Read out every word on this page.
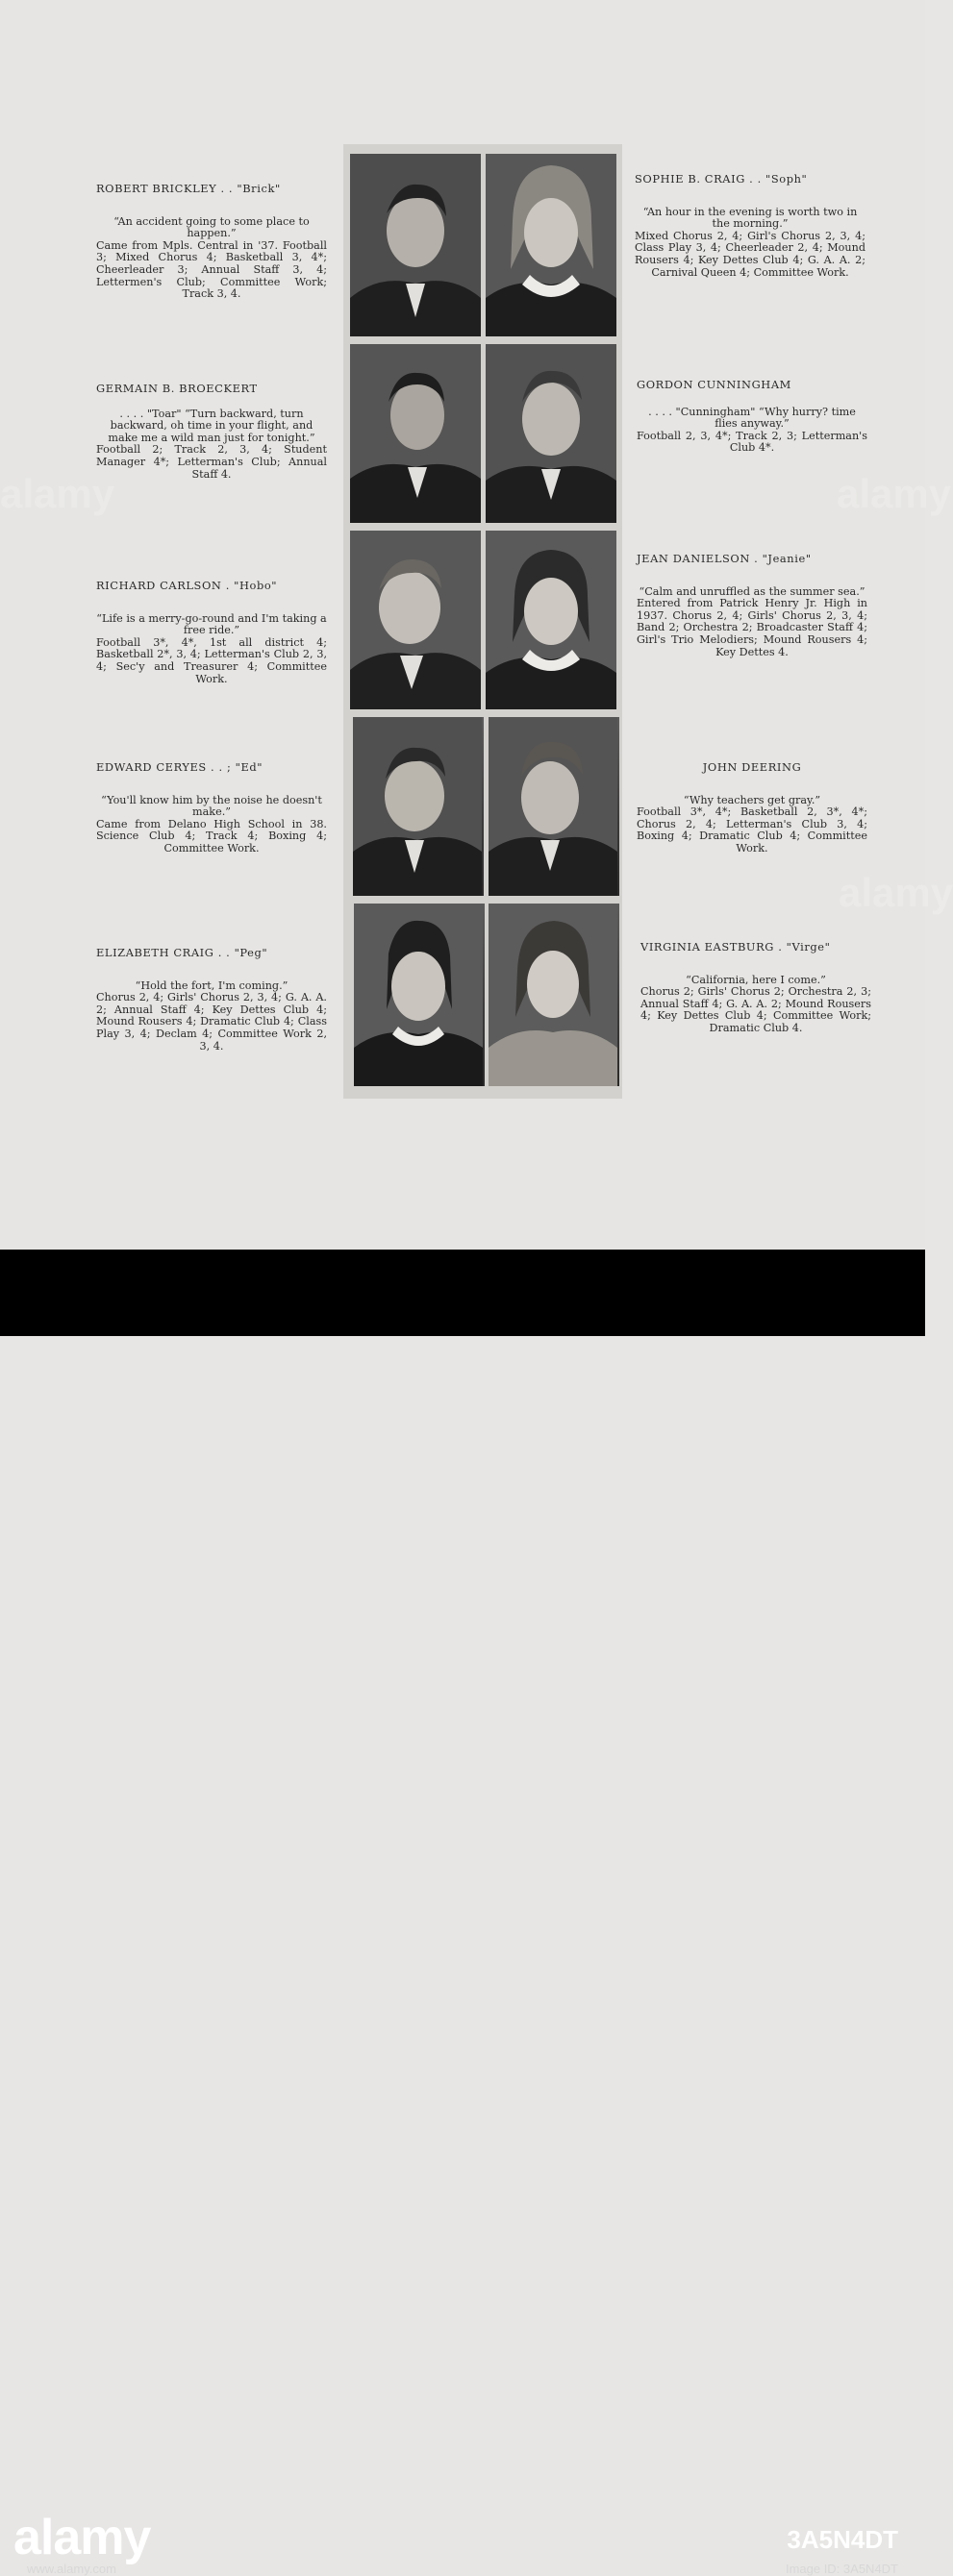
alamy	alamy
alamy
ROBERT BRICKLEY . . "Brick"
“An accident going to some place to happen.”
Came from Mpls. Central in '37. Football 3; Mixed Chorus 4; Basketball 3, 4*; Cheerleader 3; Annual Staff 3, 4; Lettermen's Club; Committee Work; Track 3, 4.
GERMAIN B. BROECKERT
. . . . "Toar" “Turn backward, turn backward, oh time in your flight, and make me a wild man just for tonight.”
Football 2; Track 2, 3, 4; Student Manager 4*; Letterman's Club; Annual Staff 4.
RICHARD CARLSON . "Hobo"
“Life is a merry-go-round and I'm taking a free ride.”
Football 3*, 4*, 1st all district 4; Basketball 2*, 3, 4; Letterman's Club 2, 3, 4; Sec'y and Treasurer 4; Committee Work.
EDWARD CERYES . . ; "Ed"
“You'll know him by the noise he doesn't make.”
Came from Delano High School in 38. Science Club 4; Track 4; Boxing 4; Committee Work.
ELIZABETH CRAIG . . "Peg"
“Hold the fort, I'm coming.”
Chorus 2, 4; Girls' Chorus 2, 3, 4; G. A. A. 2; Annual Staff 4; Key Dettes Club 4; Mound Rousers 4; Dramatic Club 4; Class Play 3, 4; Declam 4; Committee Work 2, 3, 4.
SOPHIE B. CRAIG . . "Soph"
“An hour in the evening is worth two in the morning.”
Mixed Chorus 2, 4; Girl's Chorus 2, 3, 4; Class Play 3, 4; Cheerleader 2, 4; Mound Rousers 4; Key Dettes Club 4; G. A. A. 2; Carnival Queen 4; Committee Work.
GORDON CUNNINGHAM
. . . . "Cunningham" “Why hurry? time flies anyway.”
Football 2, 3, 4*; Track 2, 3; Letterman's Club 4*.
JEAN DANIELSON . "Jeanie"
“Calm and unruffled as the summer sea.”
Entered from Patrick Henry Jr. High in 1937. Chorus 2, 4; Girls' Chorus 2, 3, 4; Band 2; Orchestra 2; Broadcaster Staff 4; Girl's Trio Melodiers; Mound Rousers 4; Key Dettes 4.
JOHN DEERING
“Why teachers get gray.”
Football 3*, 4*; Basketball 2, 3*, 4*; Chorus 2, 4; Letterman's Club 3, 4; Boxing 4; Dramatic Club 4; Committee Work.
VIRGINIA EASTBURG . "Virge"
“California, here I come.”
Chorus 2; Girls' Chorus 2; Orchestra 2, 3; Annual Staff 4; G. A. A. 2; Mound Rousers 4; Key Dettes Club 4; Committee Work; Dramatic Club 4.
alamy
www.alamy.com
3A5N4DT
Image ID: 3A5N4DT
